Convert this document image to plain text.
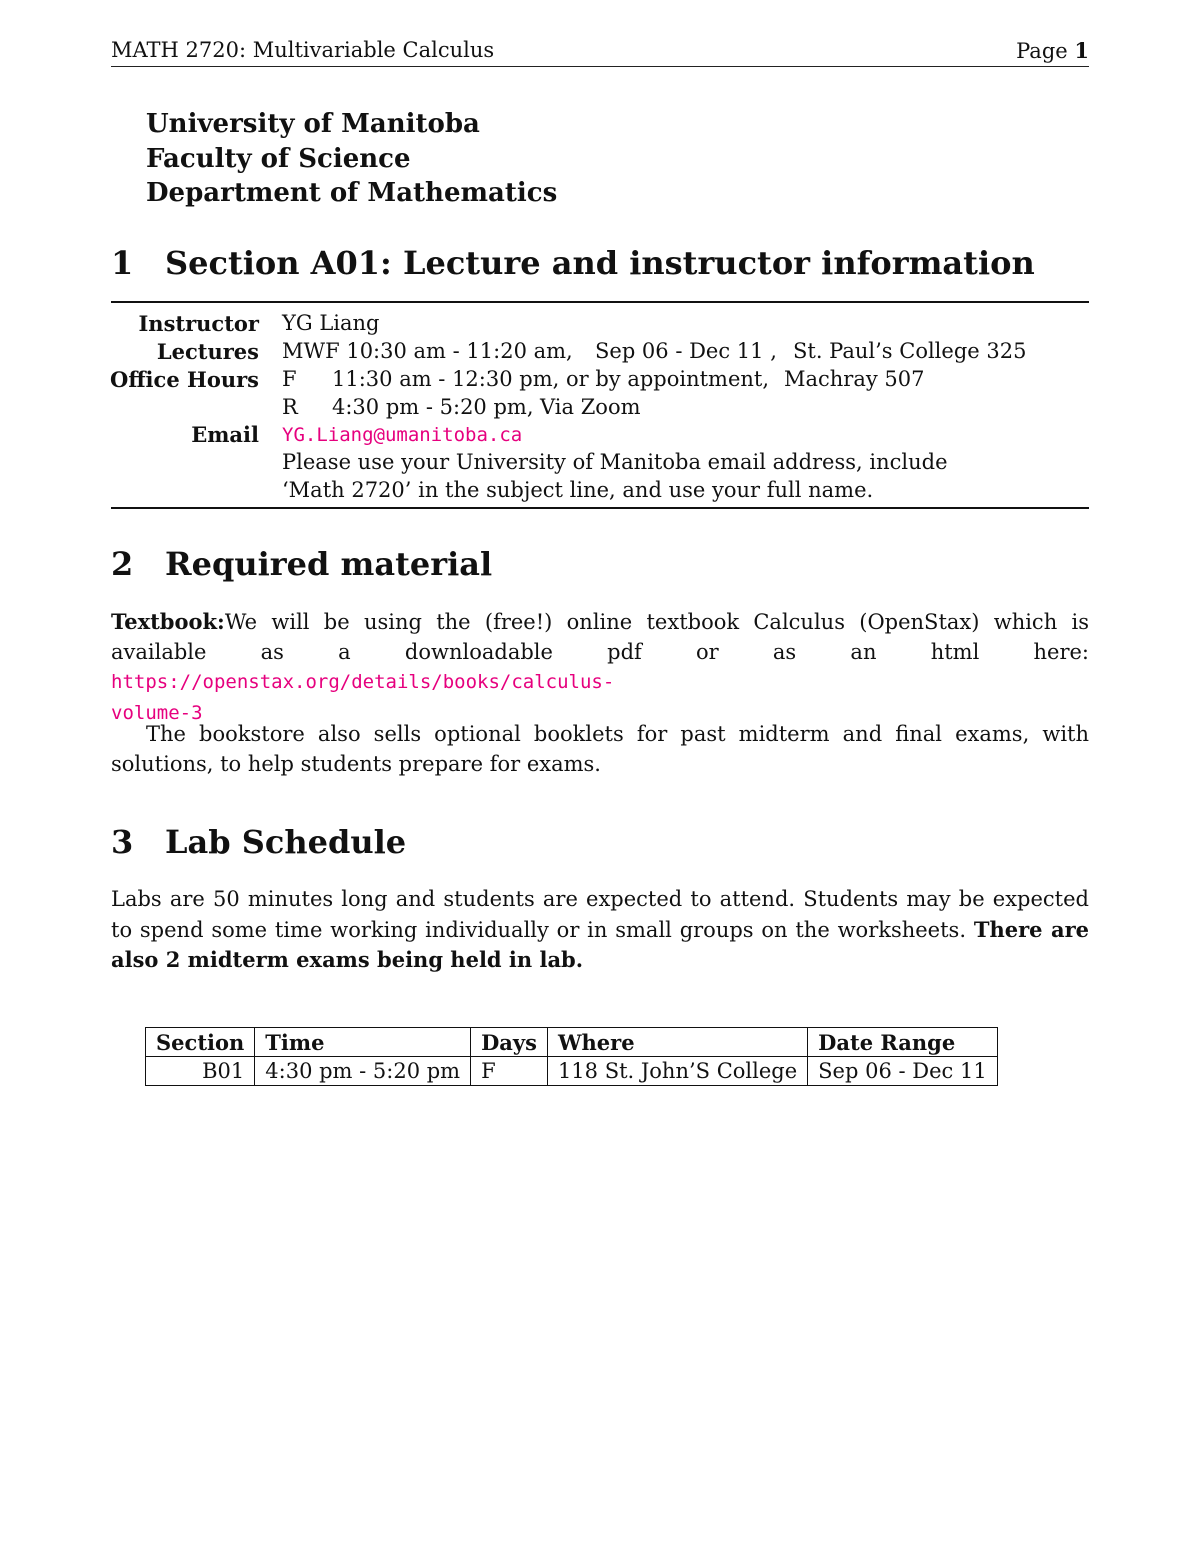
MATH 2720: Multivariable Calculus	Page 1
University of Manitoba
Faculty of Science
Department of Mathematics
1 Section A01: Lecture and instructor information
Instructor YG Liang
Lectures MWF 10:30 am - 11:20 am, Sep 06 - Dec 11 , St. Paul’s College 325
Office Hours F 11:30 am - 12:30 pm, or by appointment, Machray 507
R 4:30 pm - 5:20 pm, Via Zoom
Email YG.Liang@umanitoba.ca
Please use your University of Manitoba email address, include
‘Math 2720’ in the subject line, and use your full name.
2 Required material
Textbook:We will be using the (free!) online textbook Calculus (OpenStax) which is available as a downloadable pdf or as an html here: https://openstax.org/details/books/calculus-
volume-3
The bookstore also sells optional booklets for past midterm and final exams, with solutions, to help students prepare for exams.
3 Lab Schedule
Labs are 50 minutes long and students are expected to attend. Students may be expected to spend some time working individually or in small groups on the worksheets. There are also 2 midterm exams being held in lab.
Section	Time	Days	Where	Date Range
B01	4:30 pm - 5:20 pm	F	118 St. John’S College	Sep 06 - Dec 11
